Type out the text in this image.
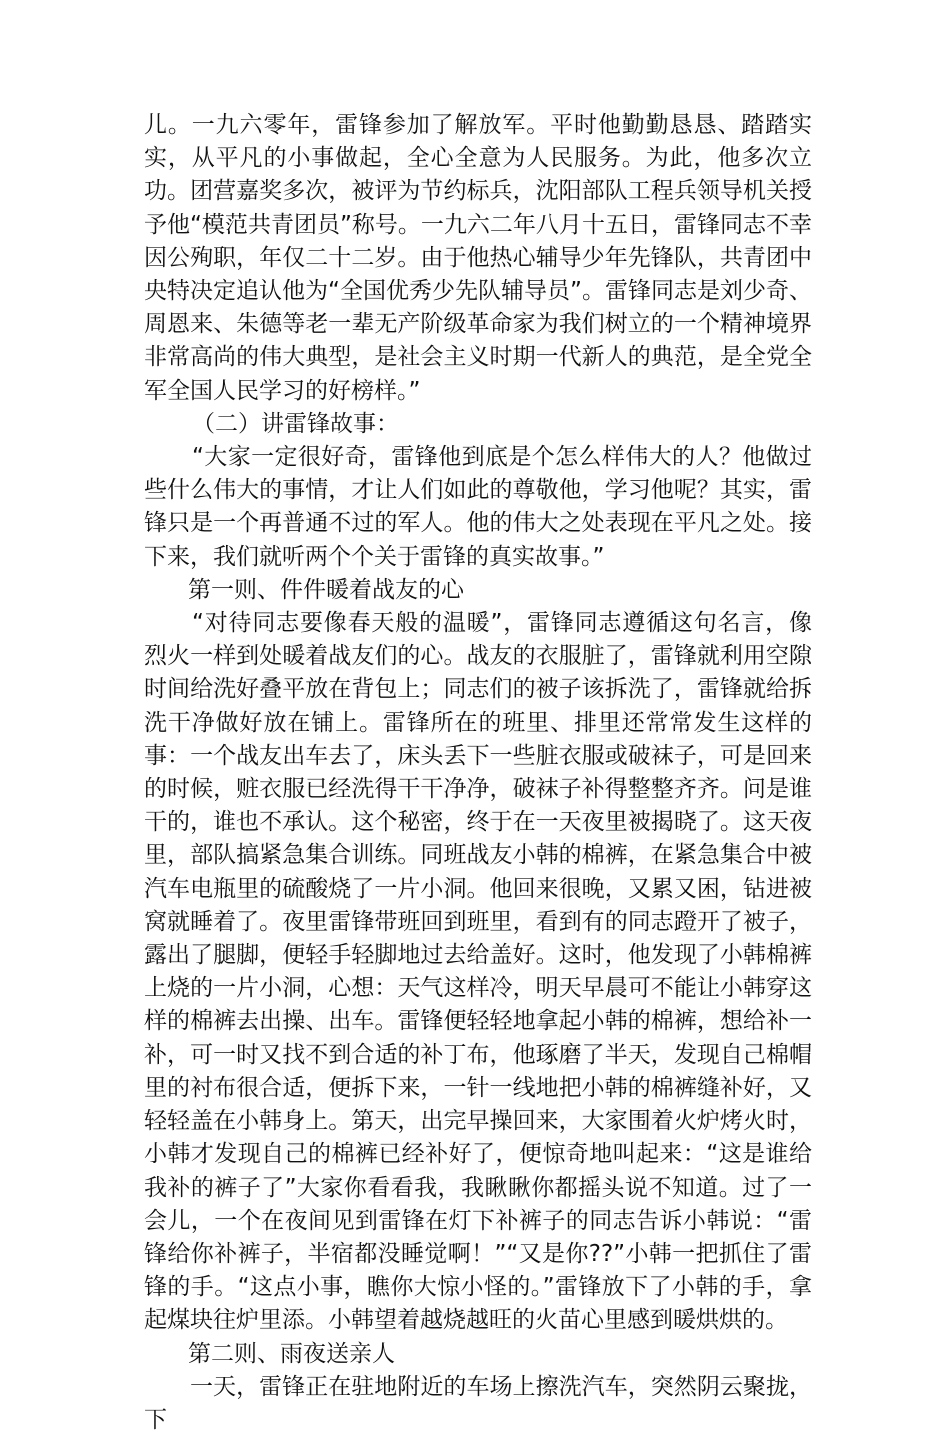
儿。一九六零年，雷锋参加了解放军。平时他勤勤恳恳、踏踏实实，从平凡的小事做起，全心全意为人民服务。为此，他多次立功。团营嘉奖多次，被评为节约标兵，沈阳部队工程兵领导机关授予他“模范共青团员”称号。一九六二年八月十五日，雷锋同志不幸因公殉职，年仅二十二岁。由于他热心辅导少年先锋队，共青团中央特决定追认他为“全国优秀少先队辅导员”。雷锋同志是刘少奇、周恩来、朱德等老一辈无产阶级革命家为我们树立的一个精神境界非常高尚的伟大典型，是社会主义时期一代新人的典范，是全党全军全国人民学习的好榜样。”

（二）讲雷锋故事：

“大家一定很好奇，雷锋他到底是个怎么样伟大的人？他做过些什么伟大的事情，才让人们如此的尊敬他，学习他呢？其实，雷锋只是一个再普通不过的军人。他的伟大之处表现在平凡之处。接下来，我们就听两个个关于雷锋的真实故事。”

第一则、件件暖着战友的心

“对待同志要像春天般的温暖”，雷锋同志遵循这句名言，像烈火一样到处暖着战友们的心。战友的衣服脏了，雷锋就利用空隙时间给洗好叠平放在背包上；同志们的被子该拆洗了，雷锋就给拆洗干净做好放在铺上。雷锋所在的班里、排里还常常发生这样的事：一个战友出车去了，床头丢下一些脏衣服或破袜子，可是回来的时候，赃衣服已经洗得干干净净，破袜子补得整整齐齐。问是谁干的，谁也不承认。这个秘密，终于在一天夜里被揭晓了。这天夜里，部队搞紧急集合训练。同班战友小韩的棉裤，在紧急集合中被汽车电瓶里的硫酸烧了一片小洞。他回来很晚，又累又困，钻进被窝就睡着了。夜里雷锋带班回到班里，看到有的同志蹬开了被子，露出了腿脚，便轻手轻脚地过去给盖好。这时，他发现了小韩棉裤上烧的一片小洞，心想：天气这样冷，明天早晨可不能让小韩穿这样的棉裤去出操、出车。雷锋便轻轻地拿起小韩的棉裤，想给补一补，可一时又找不到合适的补丁布，他琢磨了半天，发现自己棉帽里的衬布很合适，便拆下来，一针一线地把小韩的棉裤缝补好，又轻轻盖在小韩身上。第天，出完早操回来，大家围着火炉烤火时，小韩才发现自己的棉裤已经补好了，便惊奇地叫起来：“这是谁给我补的裤子了”大家你看看我，我瞅瞅你都摇头说不知道。过了一会儿，一个在夜间见到雷锋在灯下补裤子的同志告诉小韩说：“雷锋给你补裤子，半宿都没睡觉啊！”“又是你??”小韩一把抓住了雷锋的手。“这点小事，瞧你大惊小怪的。”雷锋放下了小韩的手，拿起煤块往炉里添。小韩望着越烧越旺的火苗心里感到暖烘烘的。

第二则、雨夜送亲人

一天，雷锋正在驻地附近的车场上擦洗汽车，突然阴云聚拢，下
